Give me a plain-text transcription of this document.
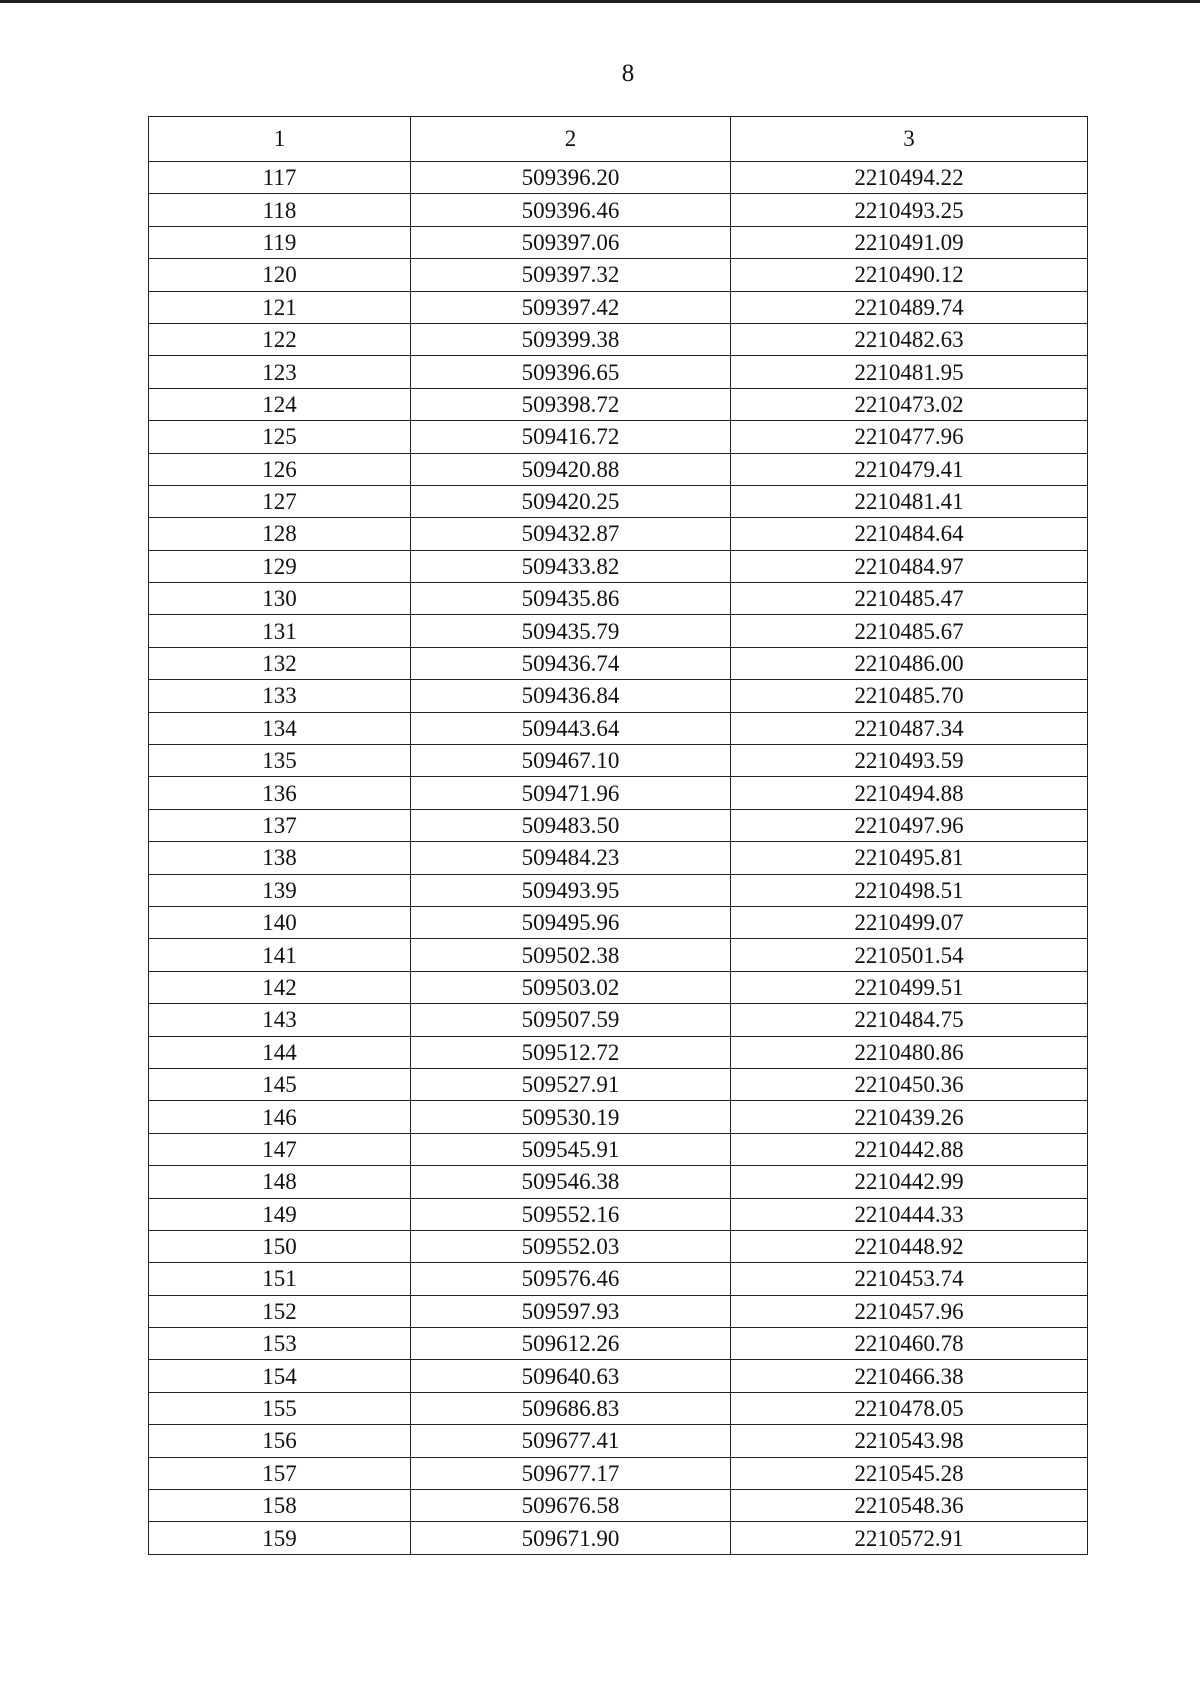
8
1	2	3
117	509396.20	2210494.22
118	509396.46	2210493.25
119	509397.06	2210491.09
120	509397.32	2210490.12
121	509397.42	2210489.74
122	509399.38	2210482.63
123	509396.65	2210481.95
124	509398.72	2210473.02
125	509416.72	2210477.96
126	509420.88	2210479.41
127	509420.25	2210481.41
128	509432.87	2210484.64
129	509433.82	2210484.97
130	509435.86	2210485.47
131	509435.79	2210485.67
132	509436.74	2210486.00
133	509436.84	2210485.70
134	509443.64	2210487.34
135	509467.10	2210493.59
136	509471.96	2210494.88
137	509483.50	2210497.96
138	509484.23	2210495.81
139	509493.95	2210498.51
140	509495.96	2210499.07
141	509502.38	2210501.54
142	509503.02	2210499.51
143	509507.59	2210484.75
144	509512.72	2210480.86
145	509527.91	2210450.36
146	509530.19	2210439.26
147	509545.91	2210442.88
148	509546.38	2210442.99
149	509552.16	2210444.33
150	509552.03	2210448.92
151	509576.46	2210453.74
152	509597.93	2210457.96
153	509612.26	2210460.78
154	509640.63	2210466.38
155	509686.83	2210478.05
156	509677.41	2210543.98
157	509677.17	2210545.28
158	509676.58	2210548.36
159	509671.90	2210572.91
